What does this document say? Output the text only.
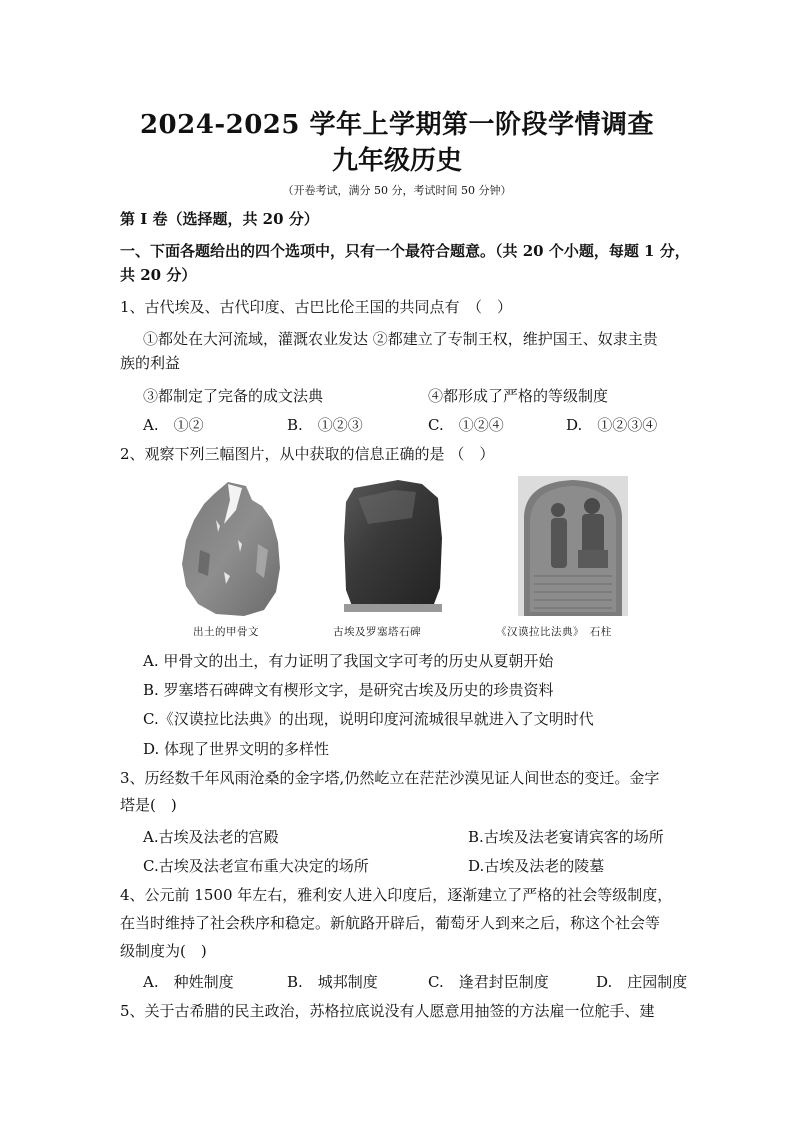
2024-2025 学年上学期第一阶段学情调查
九年级历史
（开卷考试，满分 50 分，考试时间 50 分钟）
第 I 卷（选择题，共 20 分）
一、下面各题给出的四个选项中，只有一个最符合题意。（共 20 个小题，每题 1 分，
共 20 分）
1、古代埃及、古代印度、古巴比伦王国的共同点有　（　）
①都处在大河流域，灌溉农业发达 ②都建立了专制王权，维护国王、奴隶主贵
族的利益
③都制定了完备的成文法典	④都形成了严格的等级制度
A.　①②	B.　①②③	C.　①②④	D.　①②③④
2、观察下列三幅图片，从中获取的信息正确的是 （　）
出土的甲骨文	古埃及罗塞塔石碑	《汉谟拉比法典》　石柱
A. 甲骨文的出土，有力证明了我国文字可考的历史从夏朝开始
B. 罗塞塔石碑碑文有楔形文字，是研究古埃及历史的珍贵资料
C.《汉谟拉比法典》的出现，说明印度河流城很早就进入了文明时代
D. 体现了世界文明的多样性
3、历经数千年风雨沧桑的金字塔,仍然屹立在茫茫沙漠见证人间世态的变迁。金字
塔是(　)
A.古埃及法老的宫殿	B.古埃及法老宴请宾客的场所
C.古埃及法老宣布重大决定的场所	D.古埃及法老的陵墓
4、公元前 1500 年左右，雅利安人进入印度后，逐渐建立了严格的社会等级制度，
在当时维持了社会秩序和稳定。新航路开辟后，葡萄牙人到来之后，称这个社会等
级制度为(　)
A.　种姓制度	B.　城邦制度	C.　逢君封臣制度	D.　庄园制度
5、关于古希腊的民主政治，苏格拉底说没有人愿意用抽签的方法雇一位舵手、建
